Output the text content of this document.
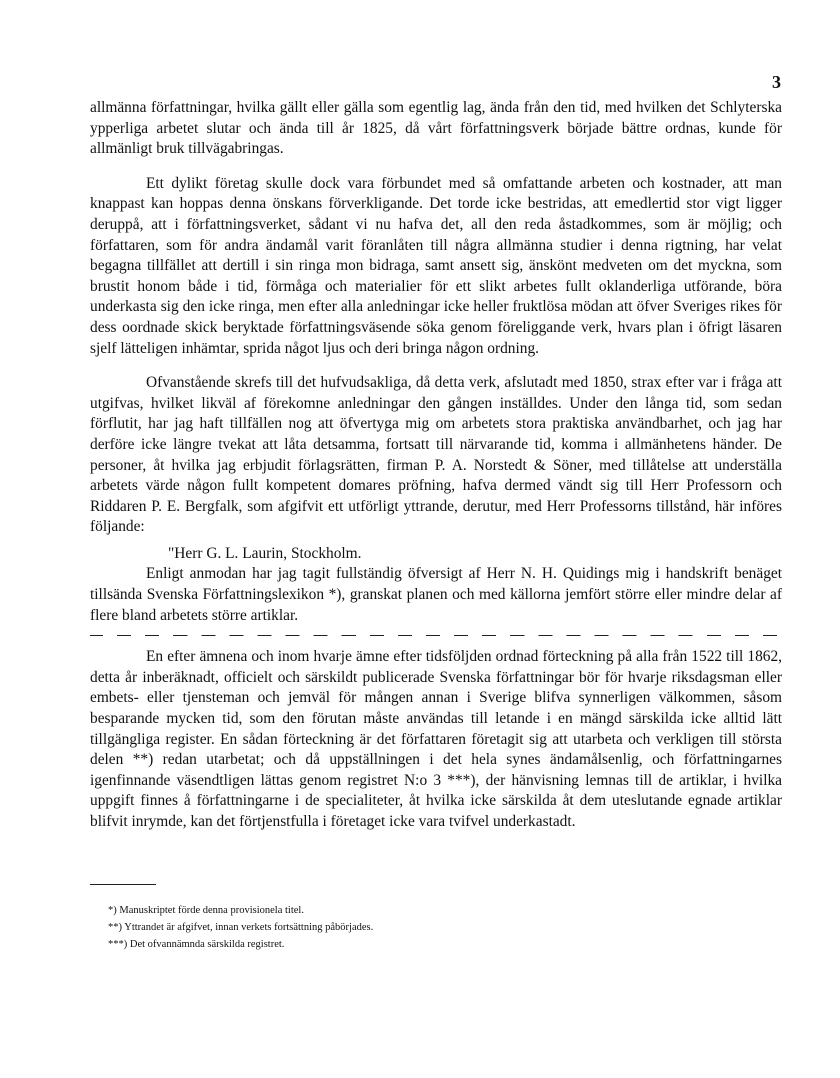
3

allmänna författningar, hvilka gällt eller gälla som egentlig lag, ända från den tid, med hvilken det Schlyterska ypperliga arbetet slutar och ända till år 1825, då vårt författningsverk började bättre ordnas, kunde för allmänligt bruk tillvägabringas.

Ett dylikt företag skulle dock vara förbundet med så omfattande arbeten och kostnader, att man knappast kan hoppas denna önskans förverkligande. Det torde icke bestridas, att emedlertid stor vigt ligger deruppå, att i författningsverket, sådant vi nu hafva det, all den reda åstadkommes, som är möjlig; och författaren, som för andra ändamål varit föranlåten till några allmänna studier i denna rigtning, har velat begagna tillfället att dertill i sin ringa mon bidraga, samt ansett sig, änskönt medveten om det myckna, som brustit honom både i tid, förmåga och materialier för ett slikt arbetes fullt oklanderliga utförande, böra underkasta sig den icke ringa, men efter alla anledningar icke heller fruktlösa mödan att öfver Sveriges rikes för dess oordnade skick beryktade författningsväsende söka genom föreliggande verk, hvars plan i öfrigt läsaren sjelf lätteligen inhämtar, sprida något ljus och deri bringa någon ordning.

Ofvanstående skrefs till det hufvudsakliga, då detta verk, afslutadt med 1850, strax efter var i fråga att utgifvas, hvilket likväl af förekomne anledningar den gången inställdes. Under den långa tid, som sedan förflutit, har jag haft tillfällen nog att öfvertyga mig om arbetets stora praktiska användbarhet, och jag har derföre icke längre tvekat att låta detsamma, fortsatt till närvarande tid, komma i allmänhetens händer. De personer, åt hvilka jag erbjudit förlagsrätten, firman P. A. Norstedt & Söner, med tillåtelse att underställa arbetets värde någon fullt kompetent domares pröfning, hafva dermed vändt sig till Herr Professorn och Riddaren P. E. Bergfalk, som afgifvit ett utförligt yttrande, derutur, med Herr Professorns tillstånd, här införes följande:

"Herr G. L. Laurin, Stockholm.

Enligt anmodan har jag tagit fullständig öfversigt af Herr N. H. Quidings mig i handskrift benäget tillsända Svenska Författningslexikon *), granskat planen och med källorna jemfört större eller mindre delar af flere bland arbetets större artiklar.

En efter ämnena och inom hvarje ämne efter tidsföljden ordnad förteckning på alla från 1522 till 1862, detta år inberäknadt, officielt och särskildt publicerade Svenska författningar bör för hvarje riksdagsman eller embets- eller tjensteman och jemväl för mången annan i Sverige blifva synnerligen välkommen, såsom besparande mycken tid, som den förutan måste användas till letande i en mängd särskilda icke alltid lätt tillgängliga register. En sådan förteckning är det författaren företagit sig att utarbeta och verkligen till största delen **) redan utarbetat; och då uppställningen i det hela synes ändamålsenlig, och författningarnes igenfinnande väsendtligen lättas genom registret N:o 3 ***), der hänvisning lemnas till de artiklar, i hvilka uppgift finnes å författningarne i de specialiteter, åt hvilka icke särskilda åt dem uteslutande egnade artiklar blifvit inrymde, kan det förtjenstfulla i företaget icke vara tvifvel underkastadt.

*) Manuskriptet förde denna provisionela titel.
**) Yttrandet är afgifvet, innan verkets fortsättning påbörjades.
***) Det ofvannämnda särskilda registret.
